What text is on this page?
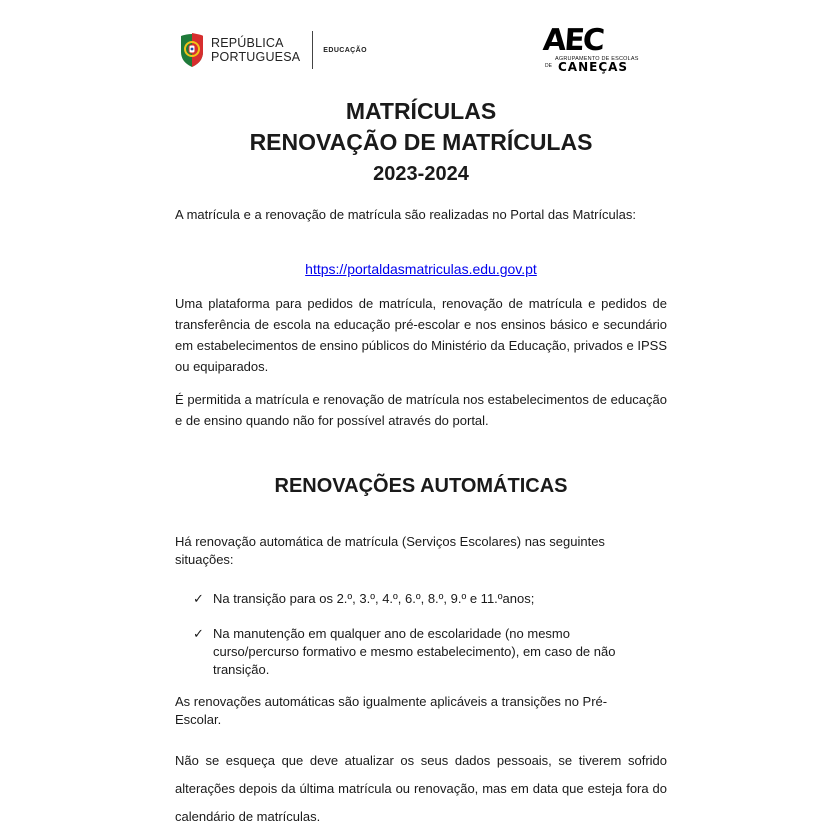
REPÚBLICA
PORTUGUESA	EDUCAÇÃO	AEC
AGRUPAMENTO DE ESCOLAS
DE CANEÇAS
MATRÍCULAS
RENOVAÇÃO DE MATRÍCULAS
2023-2024
A matrícula e a renovação de matrícula são realizadas no Portal das Matrículas:
https://portaldasmatriculas.edu.gov.pt
Uma plataforma para pedidos de matrícula, renovação de matrícula e pedidos de transferência de escola na educação pré-escolar e nos ensinos básico e secundário em estabelecimentos de ensino públicos do Ministério da Educação, privados e IPSS ou equiparados.
É permitida a matrícula e renovação de matrícula nos estabelecimentos de educação e de ensino quando não for possível através do portal.
RENOVAÇÕES AUTOMÁTICAS
Há renovação automática de matrícula (Serviços Escolares) nas seguintes situações:
✓ Na transição para os 2.º, 3.º, 4.º, 6.º, 8.º, 9.º e 11.ºanos;
✓ Na manutenção em qualquer ano de escolaridade (no mesmo curso/percurso formativo e mesmo estabelecimento), em caso de não transição.
As renovações automáticas são igualmente aplicáveis a transições no Pré-Escolar.
Não se esqueça que deve atualizar os seus dados pessoais, se tiverem sofrido alterações depois da última matrícula ou renovação, mas em data que esteja fora do calendário de matrículas.
